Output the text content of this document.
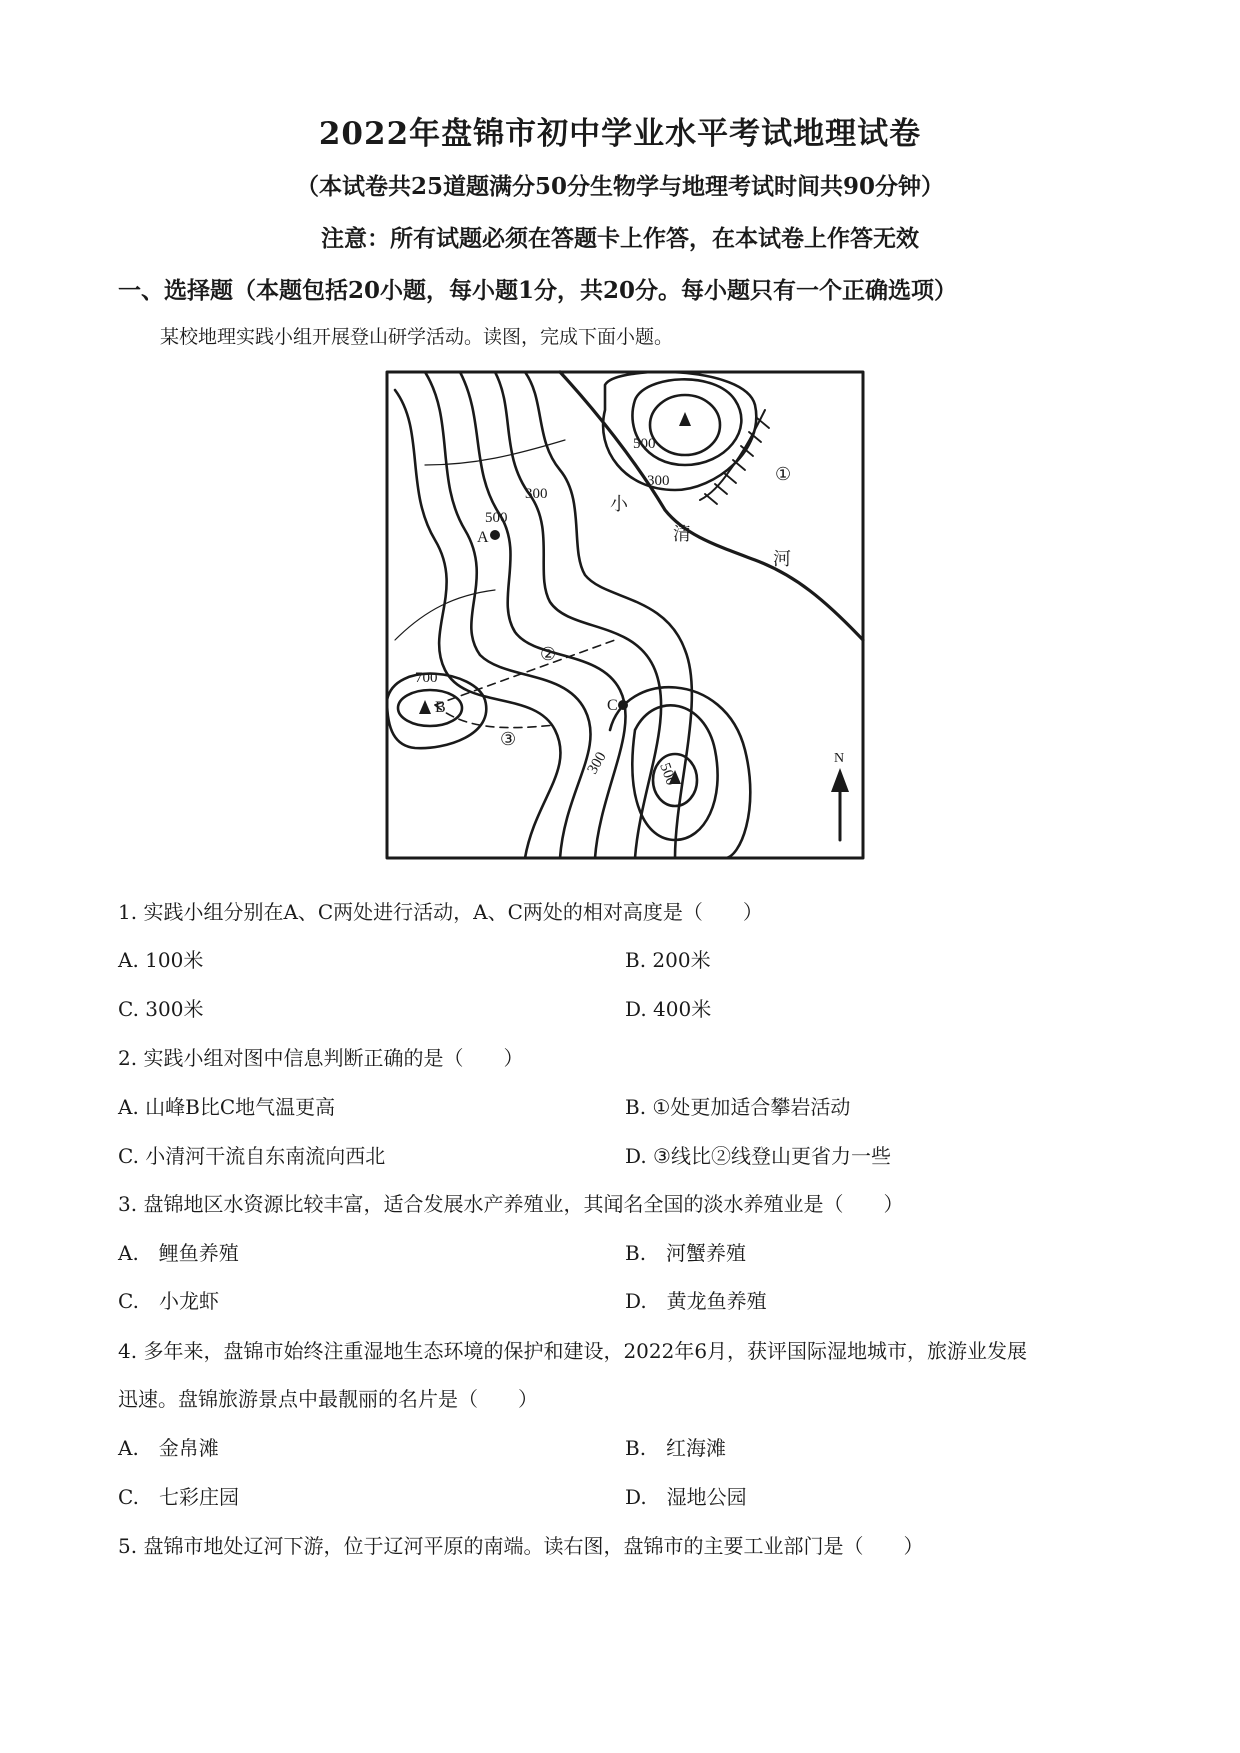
2022年盘锦市初中学业水平考试地理试卷
（本试卷共25道题满分50分生物学与地理考试时间共90分钟）
注意：所有试题必须在答题卡上作答，在本试卷上作答无效
一、选择题（本题包括20小题，每小题1分，共20分。每小题只有一个正确选项）
某校地理实践小组开展登山研学活动。读图，完成下面小题。
500
300
300
500
700
300	500
A
B	C
小
清
河
①
②
③
N
1. 实践小组分别在A、C两处进行活动，A、C两处的相对高度是（　　）
A. 100米	B. 200米
C. 300米	D. 400米
2. 实践小组对图中信息判断正确的是（　　）
A. 山峰B比C地气温更高	B. ①处更加适合攀岩活动
C. 小清河干流自东南流向西北	D. ③线比②线登山更省力一些
3. 盘锦地区水资源比较丰富，适合发展水产养殖业，其闻名全国的淡水养殖业是（　　）
A.　鲤鱼养殖	B.　河蟹养殖
C.　小龙虾	D.　黄龙鱼养殖
4. 多年来，盘锦市始终注重湿地生态环境的保护和建设，2022年6月，获评国际湿地城市，旅游业发展
迅速。盘锦旅游景点中最靓丽的名片是（　　）
A.　金帛滩	B.　红海滩
C.　七彩庄园	D.　湿地公园
5. 盘锦市地处辽河下游，位于辽河平原的南端。读右图，盘锦市的主要工业部门是（　　）
